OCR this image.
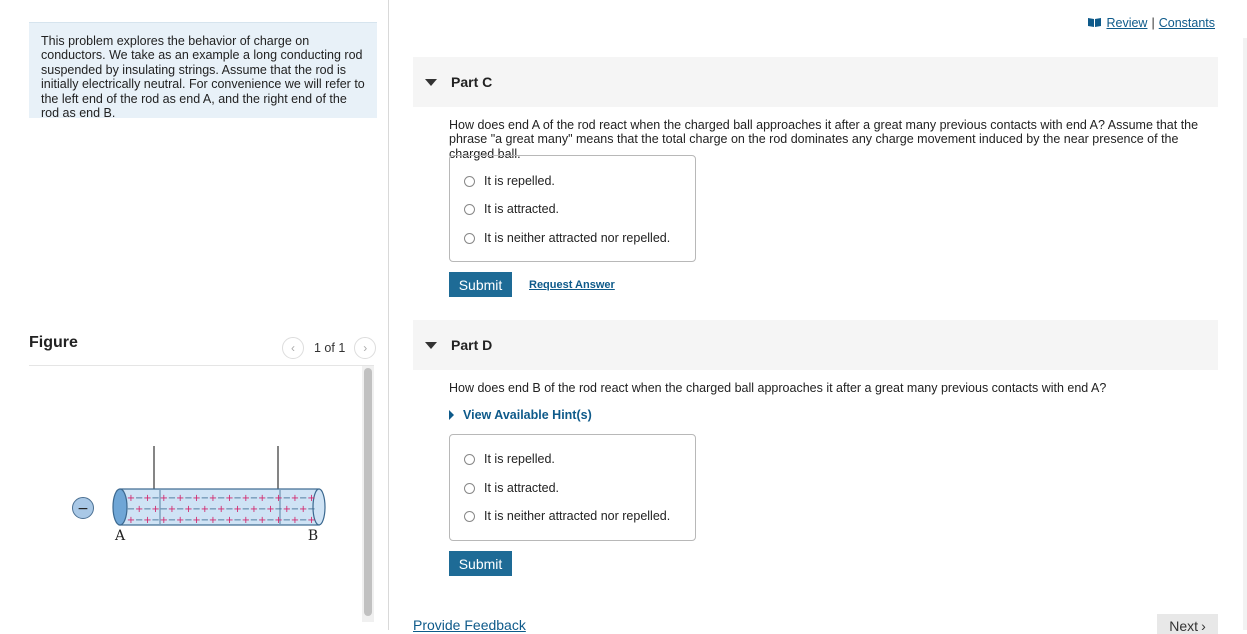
This problem explores the behavior of charge on conductors. We take as an example a long conducting rod suspended by insulating strings. Assume that the rod is initially electrically neutral. For convenience we will refer to the left end of the rod as end A, and the right end of the rod as end B.
Figure	‹ 1 of 1 ›
−
+ − + − + − + − + − + − + − + − + − + − + − +
− + − + − + − + − + − + − + − + − + − + − + −
+ − + − + − + − + − + − + − + − + − + − + − +
A	B
Review | Constants
Part C
How does end A of the rod react when the charged ball approaches it after a great many previous contacts with end A? Assume that the phrase "a great many" means that the total charge on the rod dominates any charge movement induced by the near presence of the charged ball.
It is repelled.
It is attracted.
It is neither attracted nor repelled.
Submit	Request Answer
Part D
How does end B of the rod react when the charged ball approaches it after a great many previous contacts with end A?
View Available Hint(s)
It is repelled.
It is attracted.
It is neither attracted nor repelled.
Submit
Provide Feedback	Next ›
